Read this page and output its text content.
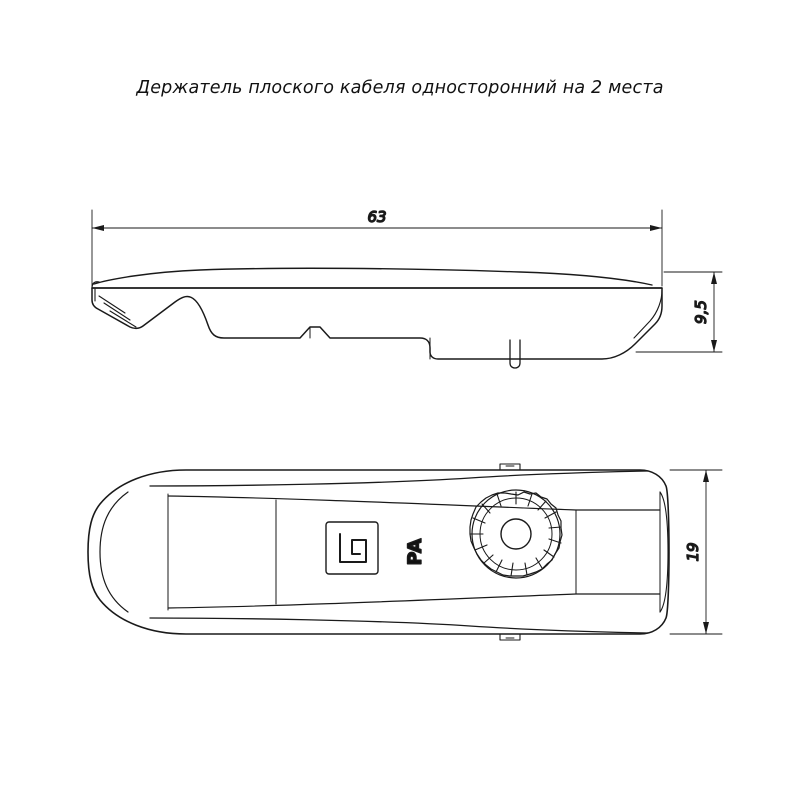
Держатель плоского кабеля односторонний на 2 места
63
9,5
PA	19
